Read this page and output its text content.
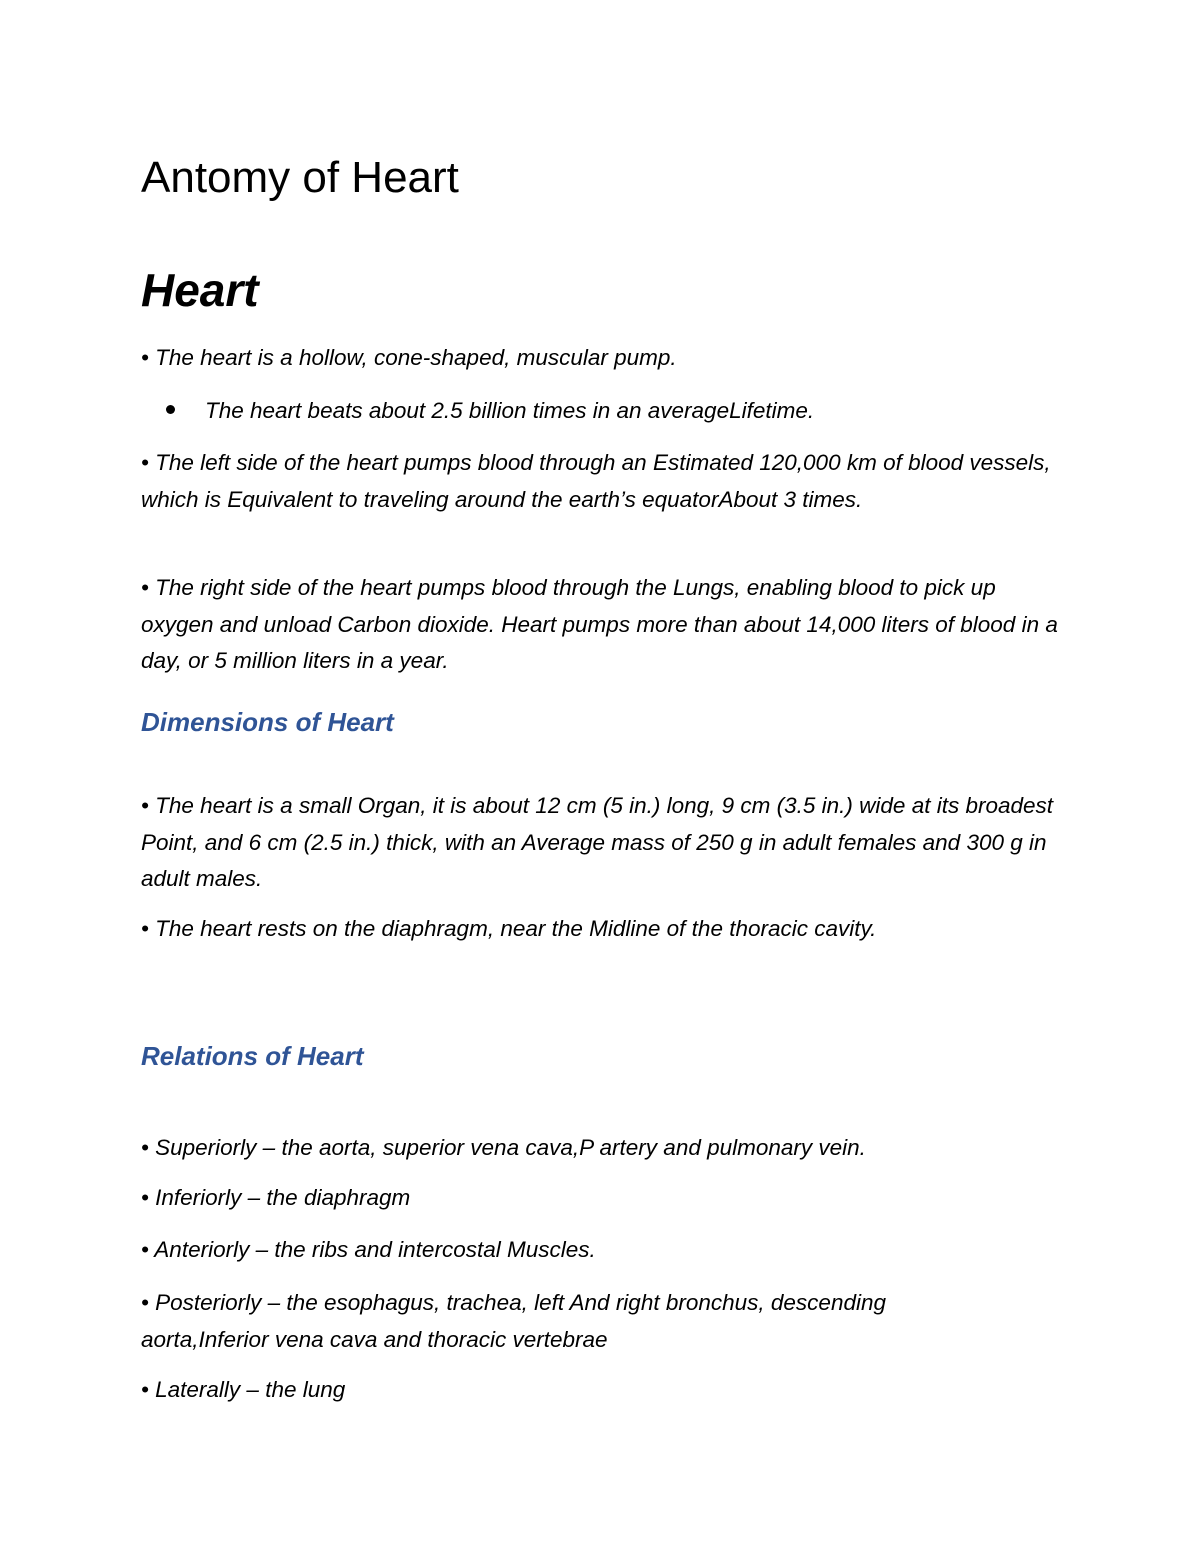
Antomy of Heart
Heart

• The heart is a hollow, cone-shaped, muscular pump.

The heart beats about 2.5 billion times in an averageLifetime.

• The left side of the heart pumps blood through an Estimated 120,000 km of blood vessels, which is Equivalent to traveling around the earth’s equatorAbout 3 times.

• The right side of the heart pumps blood through the Lungs, enabling blood to pick up oxygen and unload Carbon dioxide. Heart pumps more than about 14,000 liters of blood in a day, or 5 million liters in a year.

Dimensions of Heart

• The heart is a small Organ, it is about 12 cm (5 in.) long, 9 cm (3.5 in.) wide at its broadest Point, and 6 cm (2.5 in.) thick, with an Average mass of 250 g in adult females and 300 g in adult males.

• The heart rests on the diaphragm, near the Midline of the thoracic cavity.

Relations of Heart

• Superiorly – the aorta, superior vena cava,P artery and pulmonary vein.

• Inferiorly – the diaphragm

• Anteriorly – the ribs and intercostal Muscles.

• Posteriorly – the esophagus, trachea, left And right bronchus, descending aorta,Inferior vena cava and thoracic vertebrae

• Laterally – the lung
